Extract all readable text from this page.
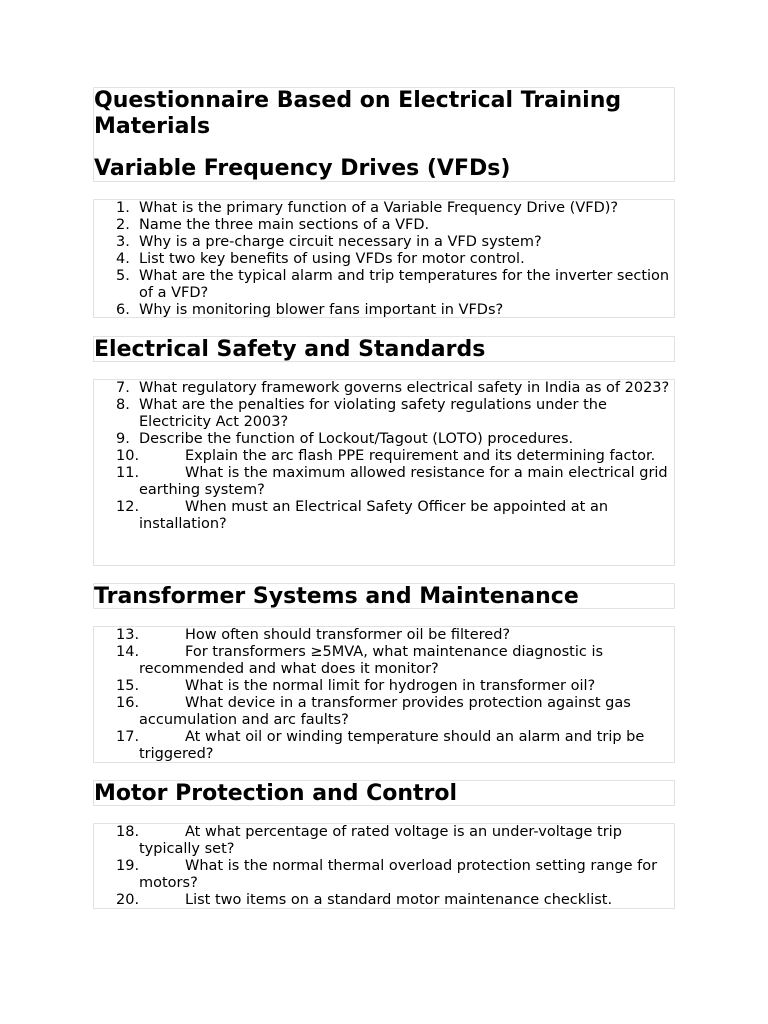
Questionnaire Based on Electrical Training Materials
Variable Frequency Drives (VFDs)
1. What is the primary function of a Variable Frequency Drive (VFD)?
2. Name the three main sections of a VFD.
3. Why is a pre-charge circuit necessary in a VFD system?
4. List two key benefits of using VFDs for motor control.
5. What are the typical alarm and trip temperatures for the inverter section of a VFD?
6. Why is monitoring blower fans important in VFDs?
Electrical Safety and Standards
7. What regulatory framework governs electrical safety in India as of 2023?
8. What are the penalties for violating safety regulations under the Electricity Act 2003?
9. Describe the function of Lockout/Tagout (LOTO) procedures.
10.	Explain the arc flash PPE requirement and its determining factor.
11.	What is the maximum allowed resistance for a main electrical grid earthing system?
12.	When must an Electrical Safety Officer be appointed at an installation?
Transformer Systems and Maintenance
13.	How often should transformer oil be filtered?
14.	For transformers ≥5MVA, what maintenance diagnostic is recommended and what does it monitor?
15.	What is the normal limit for hydrogen in transformer oil?
16.	What device in a transformer provides protection against gas accumulation and arc faults?
17.	At what oil or winding temperature should an alarm and trip be triggered?
Motor Protection and Control
18.	At what percentage of rated voltage is an under-voltage trip typically set?
19.	What is the normal thermal overload protection setting range for motors?
20.	List two items on a standard motor maintenance checklist.
